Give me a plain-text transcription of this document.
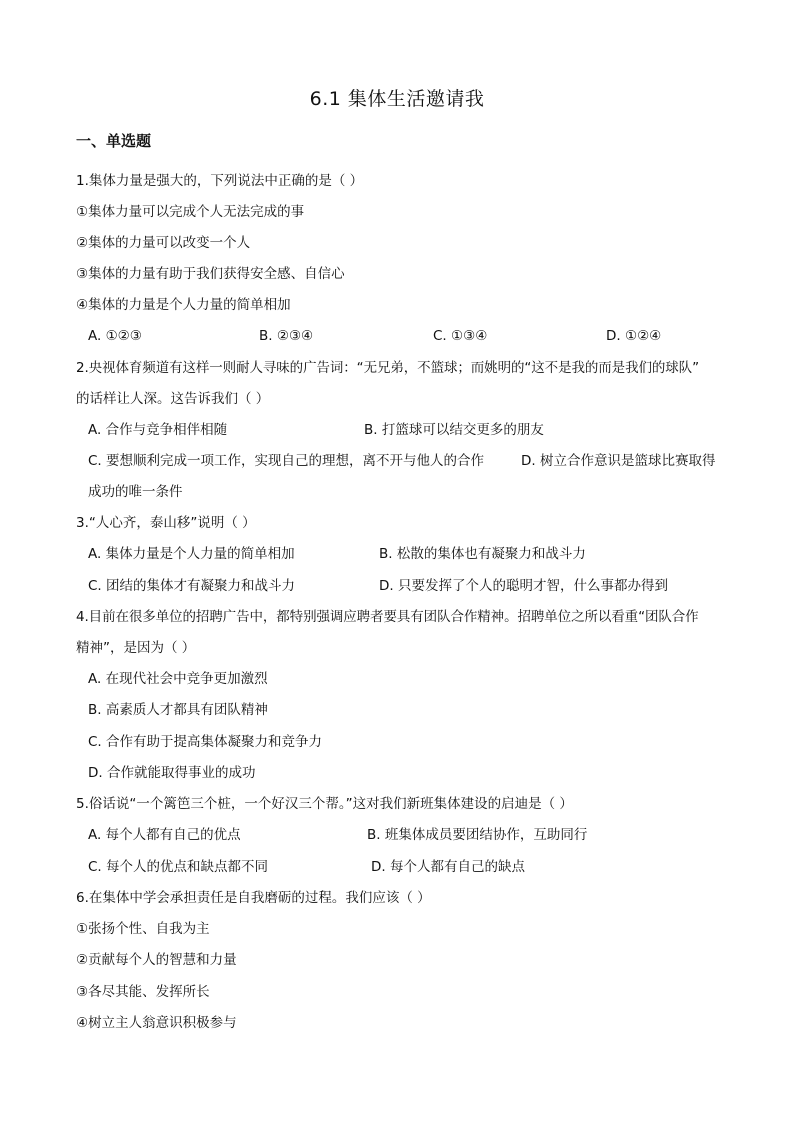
6.1 集体生活邀请我
一、单选题
1.集体力量是强大的，下列说法中正确的是（ ）
①集体力量可以完成个人无法完成的事
②集体的力量可以改变一个人
③集体的力量有助于我们获得安全感、自信心
④集体的力量是个人力量的简单相加
A. ①②③	B. ②③④	C. ①③④	D. ①②④
2.央视体育频道有这样一则耐人寻味的广告词：“无兄弟，不篮球；而姚明的“这不是我的而是我们的球队”
的话样让人深。这告诉我们（ ）
A. 合作与竞争相伴相随	B. 打篮球可以结交更多的朋友
C. 要想顺利完成一项工作，实现自己的理想，离不开与他人的合作	D. 树立合作意识是篮球比赛取得
成功的唯一条件
3.“人心齐，泰山移”说明（ ）
A. 集体力量是个人力量的简单相加	B. 松散的集体也有凝聚力和战斗力
C. 团结的集体才有凝聚力和战斗力	D. 只要发挥了个人的聪明才智，什么事都办得到
4.目前在很多单位的招聘广告中，都特别强调应聘者要具有团队合作精神。招聘单位之所以看重“团队合作
精神”，是因为（ ）
A. 在现代社会中竞争更加激烈
B. 高素质人才都具有团队精神
C. 合作有助于提高集体凝聚力和竞争力
D. 合作就能取得事业的成功
5.俗话说“一个篱笆三个桩，一个好汉三个帮。”这对我们新班集体建设的启迪是（ ）
A. 每个人都有自己的优点	B. 班集体成员要团结协作，互助同行
C. 每个人的优点和缺点都不同	D. 每个人都有自己的缺点
6.在集体中学会承担责任是自我磨砺的过程。我们应该（ ）
①张扬个性、自我为主
②贡献每个人的智慧和力量
③各尽其能、发挥所长
④树立主人翁意识积极参与
